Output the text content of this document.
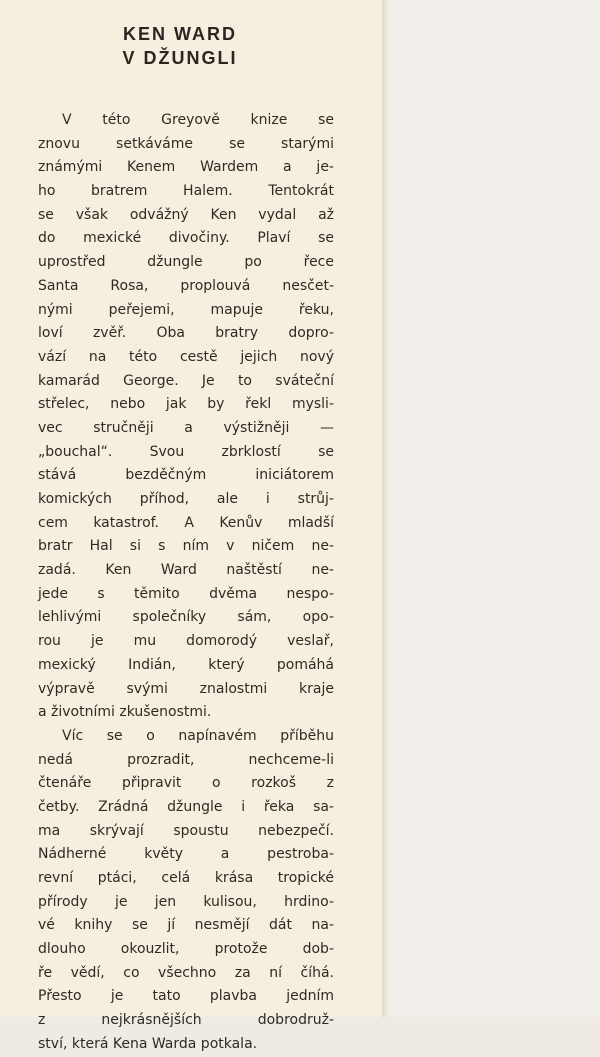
KEN WARD
V DŽUNGLI
V této Greyově knize se
znovu setkáváme se starými
známými Kenem Wardem a je-
ho bratrem Halem. Tentokrát
se však odvážný Ken vydal až
do mexické divočiny. Plaví se
uprostřed džungle po řece
Santa Rosa, proplouvá nesčet-
nými peřejemi, mapuje řeku,
loví zvěř. Oba bratry dopro-
vází na této cestě jejich nový
kamarád George. Je to sváteční
střelec, nebo jak by řekl mysli-
vec stručněji a výstižněji —
„bouchal“. Svou zbrklostí se
stává bezděčným iniciátorem
komických příhod, ale i strůj-
cem katastrof. A Kenův mladší
bratr Hal si s ním v ničem ne-
zadá. Ken Ward naštěstí ne-
jede s těmito dvěma nespo-
lehlivými společníky sám, opo-
rou je mu domorodý veslař,
mexický Indián, který pomáhá
výpravě svými znalostmi kraje
a životními zkušenostmi.
Víc se o napínavém příběhu
nedá prozradit, nechceme-li
čtenáře připravit o rozkoš z
četby. Zrádná džungle i řeka sa-
ma skrývají spoustu nebezpečí.
Nádherné květy a pestroba-
revní ptáci, celá krása tropické
přírody je jen kulisou, hrdino-
vé knihy se jí nesmějí dát na-
dlouho okouzlit, protože dob-
ře vědí, co všechno za ní číhá.
Přesto je tato plavba jedním
z nejkrásnějších dobrodruž-
ství, která Kena Warda potkala.
